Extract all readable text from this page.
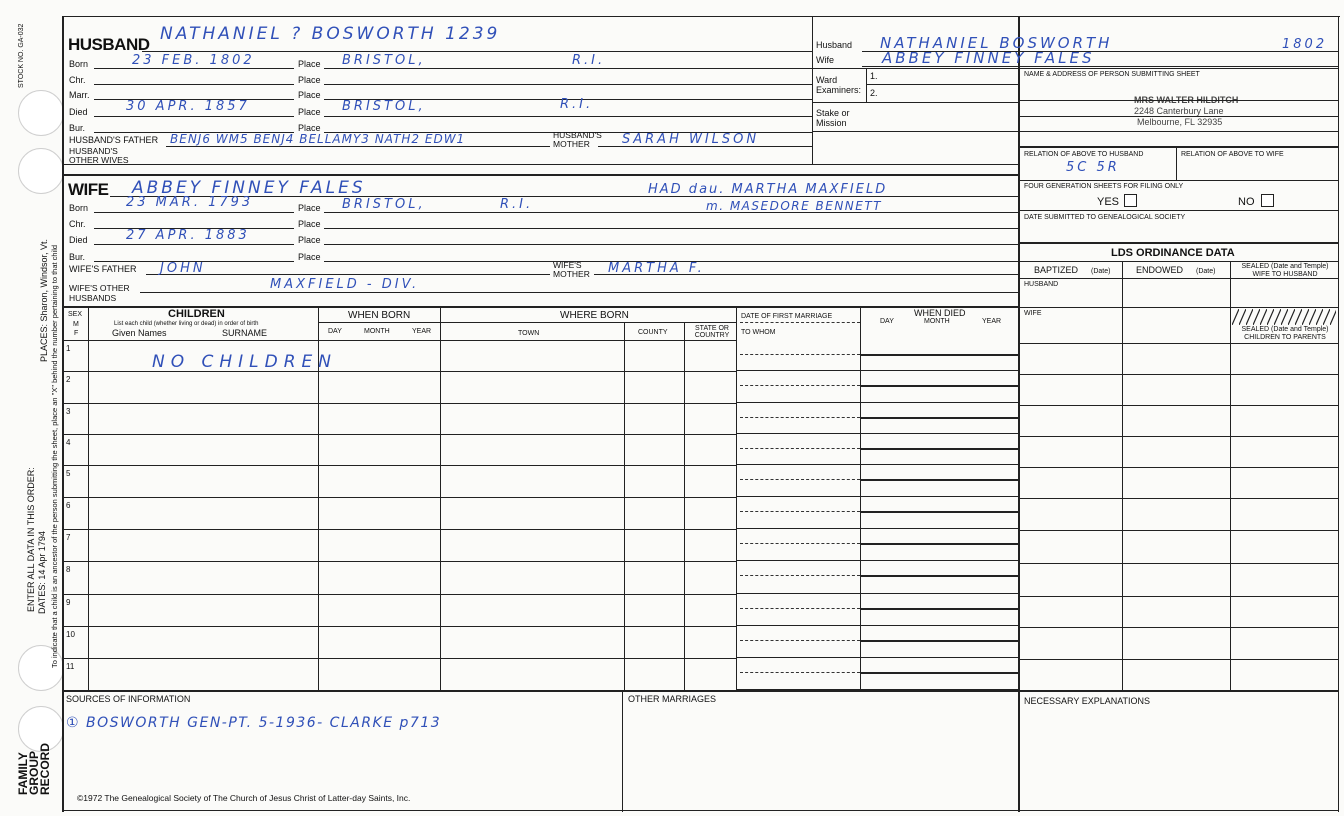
STOCK NO. GA-032
PLACES: Sharon, Windsor, Vt. To indicate that a child is an ancestor of the person submitting the sheet, place an "X" behind the number pertaining to that child
ENTER ALL DATA IN THIS ORDER: DATES: 14 Apr 1794
FAMILY GROUP RECORD
HUSBAND
NATHANIEL ? BOSWORTH 1239
Born	Place
23 FEB. 1802	BRISTOL,	R.I.
Chr.	Place
Marr.	Place
Died	Place
30 APR. 1857	BRISTOL,	R.I.
Bur.	Place
HUSBAND'S FATHER BENJ6 WM5 BENJ4 BELLAMY3 NATH2 EDW1	HUSBAND'S MOTHER	SARAH WILSON
HUSBAND'S OTHER WIVES
Husband NATHANIEL BOSWORTH	1802
Wife	ABBEY FINNEY FALES
Ward	1.
Examiners: 2.
Stake or Mission
NAME & ADDRESS OF PERSON SUBMITTING SHEET
MRS WALTER HILDITCH
2248 Canterbury Lane
Melbourne, FL 32935
RELATION OF ABOVE TO HUSBAND	RELATION OF ABOVE TO WIFE
5C 5R
FOUR GENERATION SHEETS FOR FILING ONLY
YES	NO
DATE SUBMITTED TO GENEALOGICAL SOCIETY
LDS ORDINANCE DATA
BAPTIZED (Date)	ENDOWED (Date)
SEALED (Date and Temple) WIFE TO HUSBAND
HUSBAND
WIFE
SEALED (Date and Temple) CHILDREN TO PARENTS
WIFE ABBEY FINNEY FALES	HAD dau. MARTHA MAXFIELD
Born	Place
23 MAR. 1793	BRISTOL,	R.I.	m. MASEDORE BENNETT
Chr.	Place
Died	Place
27 APR. 1883
Bur.	Place
WIFE'S FATHER JOHN	WIFE'S MOTHER	MARTHA F.
WIFE'S OTHER HUSBANDS
MAXFIELD - DIV.
SEX
M
F
CHILDREN
List each child (whether living or dead) in order of birth
Given Names	SURNAME
WHEN BORN
DAY	MONTH	YEAR
WHERE BORN
TOWN	COUNTY
STATE OR COUNTRY
DATE OF FIRST MARRIAGE
TO WHOM
WHEN DIED
DAY	MONTH	YEAR
1
2
3
4
5
6
7
8
9
10
11
NO CHILDREN
SOURCES OF INFORMATION
① BOSWORTH GEN-PT. 5-1936- CLARKE p713
OTHER MARRIAGES	NECESSARY EXPLANATIONS
©1972 The Genealogical Society of The Church of Jesus Christ of Latter-day Saints, Inc.
